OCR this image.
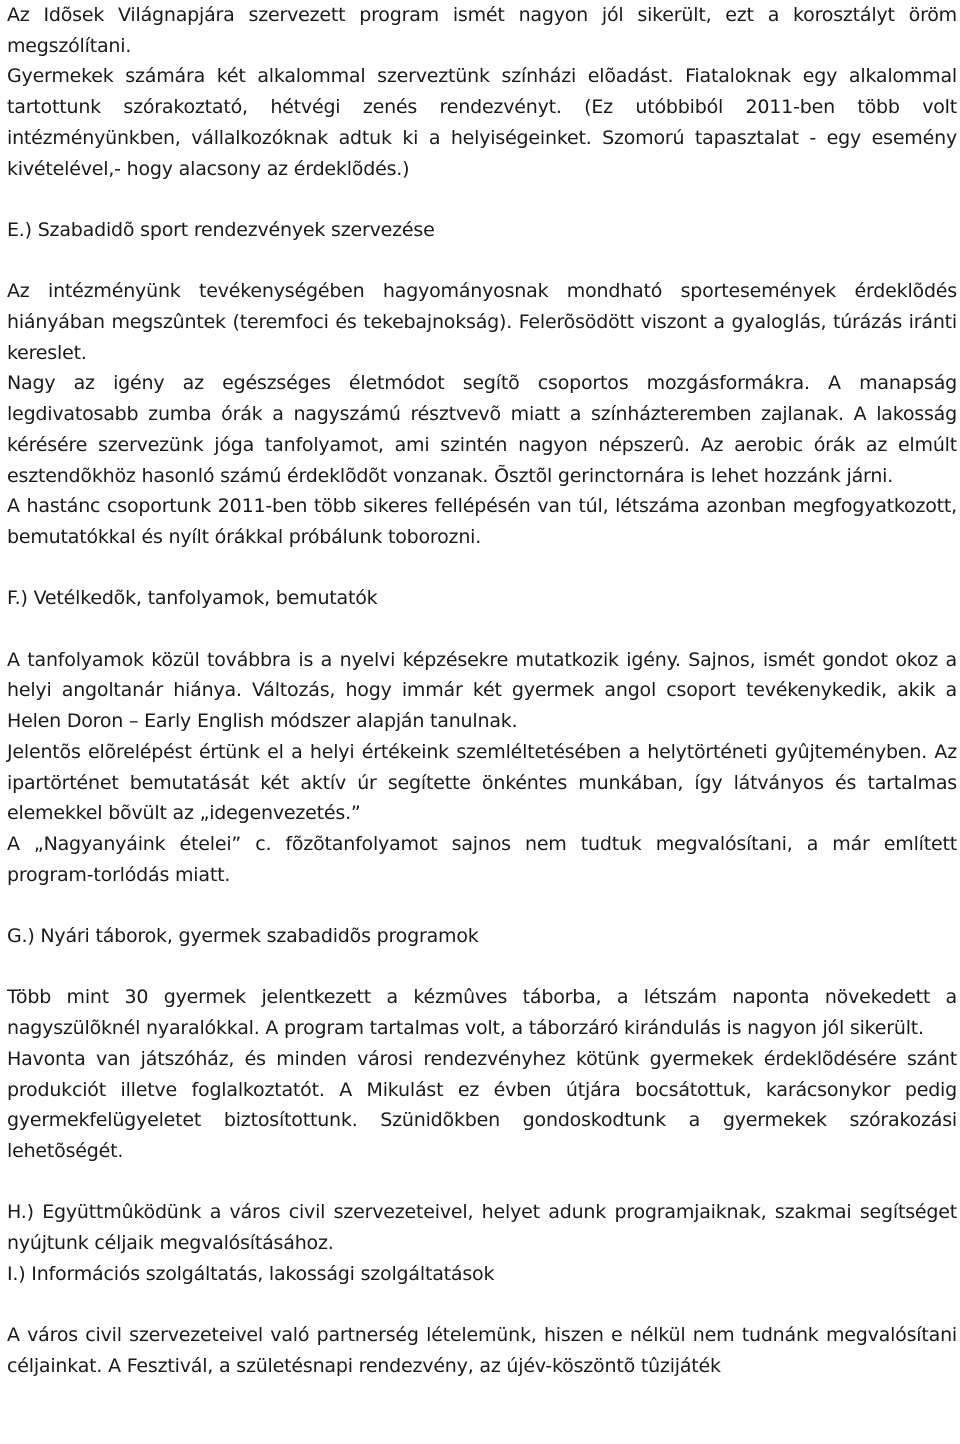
Az Idõsek Világnapjára szervezett program ismét nagyon jól sikerült, ezt a korosztályt öröm megszólítani.

Gyermekek számára két alkalommal szerveztünk színházi elõadást. Fiataloknak egy alkalommal tartottunk szórakoztató, hétvégi zenés rendezvényt. (Ez utóbbiból 2011-ben több volt intézményünkben, vállalkozóknak adtuk ki a helyiségeinket. Szomorú tapasztalat - egy esemény kivételével,- hogy alacsony az érdeklõdés.)

E.) Szabadidõ sport rendezvények szervezése

Az intézményünk tevékenységében hagyományosnak mondható sportesemények érdeklõdés hiányában megszûntek (teremfoci és tekebajnokság). Felerõsödött viszont a gyaloglás, túrázás iránti kereslet.

Nagy az igény az egészséges életmódot segítõ csoportos mozgásformákra. A manapság legdivatosabb zumba órák a nagyszámú résztvevõ miatt a színházteremben zajlanak. A lakosság kérésére szervezünk jóga tanfolyamot, ami szintén nagyon népszerû. Az aerobic órák az elmúlt esztendõkhöz hasonló számú érdeklõdõt vonzanak. Õsztõl gerinctornára is lehet hozzánk járni.

A hastánc csoportunk 2011-ben több sikeres fellépésén van túl, létszáma azonban megfogyatkozott, bemutatókkal és nyílt órákkal próbálunk toborozni.

F.) Vetélkedõk, tanfolyamok, bemutatók

A tanfolyamok közül továbbra is a nyelvi képzésekre mutatkozik igény. Sajnos, ismét gondot okoz a helyi angoltanár hiánya. Változás, hogy immár két gyermek angol csoport tevékenykedik, akik a Helen Doron – Early English módszer alapján tanulnak.

Jelentõs elõrelépést értünk el a helyi értékeink szemléltetésében a helytörténeti gyûjteményben. Az ipartörténet bemutatását két aktív úr segítette önkéntes munkában, így látványos és tartalmas elemekkel bõvült az „idegenvezetés.”

A „Nagyanyáink ételei” c. fõzõtanfolyamot sajnos nem tudtuk megvalósítani, a már említett program-torlódás miatt.

G.) Nyári táborok, gyermek szabadidõs programok

Több mint 30 gyermek jelentkezett a kézmûves táborba, a létszám naponta növekedett a nagyszülõknél nyaralókkal. A program tartalmas volt, a táborzáró kirándulás is nagyon jól sikerült.

Havonta van játszóház, és minden városi rendezvényhez kötünk gyermekek érdeklõdésére szánt produkciót illetve foglalkoztatót. A Mikulást ez évben útjára bocsátottuk, karácsonykor pedig gyermekfelügyeletet biztosítottunk. Szünidõkben gondoskodtunk a gyermekek szórakozási lehetõségét.

H.) Együttmûködünk a város civil szervezeteivel, helyet adunk programjaiknak, szakmai segítséget nyújtunk céljaik megvalósításához.

I.) Információs szolgáltatás, lakossági szolgáltatások

A város civil szervezeteivel való partnerség lételemünk, hiszen e nélkül nem tudnánk megvalósítani céljainkat. A Fesztivál, a születésnapi rendezvény, az újév-köszöntõ tûzijáték
